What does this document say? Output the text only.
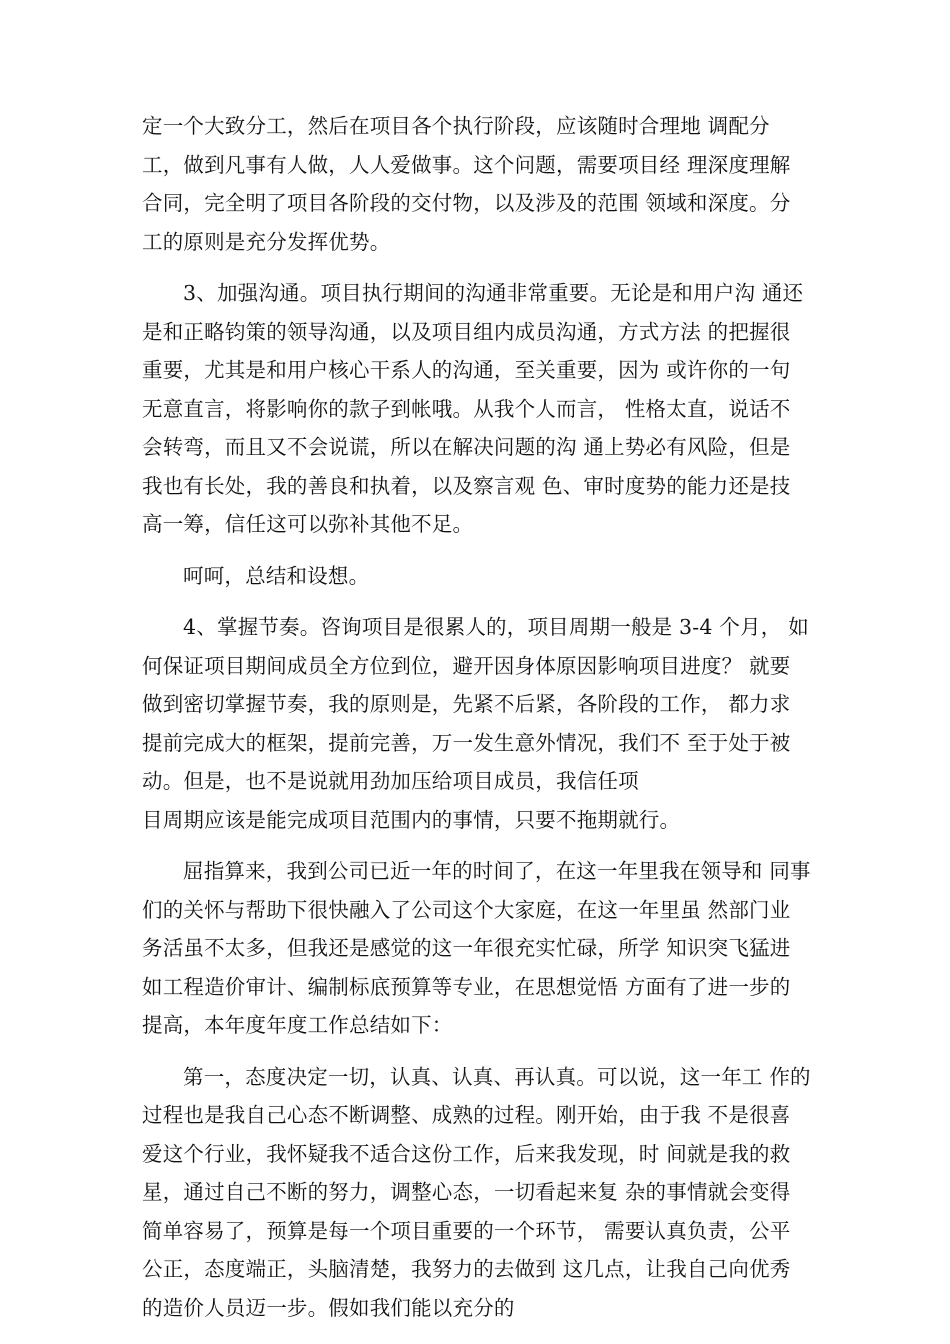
定一个大致分工，然后在项目各个执行阶段，应该随时合理地 调配分
工，做到凡事有人做，人人爱做事。这个问题，需要项目经 理深度理解
合同，完全明了项目各阶段的交付物，以及涉及的范围 领域和深度。分
工的原则是充分发挥优势。
3、加强沟通。项目执行期间的沟通非常重要。无论是和用户沟 通还
是和正略钧策的领导沟通，以及项目组内成员沟通，方式方法 的把握很
重要，尤其是和用户核心干系人的沟通，至关重要，因为 或许你的一句
无意直言，将影响你的款子到帐哦。从我个人而言， 性格太直，说话不
会转弯，而且又不会说谎，所以在解决问题的沟 通上势必有风险，但是
我也有长处，我的善良和执着，以及察言观 色、审时度势的能力还是技
高一筹，信任这可以弥补其他不足。
呵呵，总结和设想。
4、掌握节奏。咨询项目是很累人的，项目周期一般是 3-4 个月， 如
何保证项目期间成员全方位到位，避开因身体原因影响项目进度？ 就要
做到密切掌握节奏，我的原则是，先紧不后紧，各阶段的工作， 都力求
提前完成大的框架，提前完善，万一发生意外情况，我们不 至于处于被
动。但是，也不是说就用劲加压给项目成员，我信任项
目周期应该是能完成项目范围内的事情，只要不拖期就行。
屈指算来，我到公司已近一年的时间了，在这一年里我在领导和 同事
们的关怀与帮助下很快融入了公司这个大家庭，在这一年里虽 然部门业
务活虽不太多，但我还是感觉的这一年很充实忙碌，所学 知识突飞猛进
如工程造价审计、编制标底预算等专业，在思想觉悟 方面有了进一步的
提高，本年度年度工作总结如下：
第一，态度决定一切，认真、认真、再认真。可以说，这一年工 作的
过程也是我自己心态不断调整、成熟的过程。刚开始，由于我 不是很喜
爱这个行业，我怀疑我不适合这份工作，后来我发现，时 间就是我的救
星，通过自己不断的努力，调整心态，一切看起来复 杂的事情就会变得
简单容易了，预算是每一个项目重要的一个环节， 需要认真负责，公平
公正，态度端正，头脑清楚，我努力的去做到 这几点，让我自己向优秀
的造价人员迈一步。假如我们能以充分的
